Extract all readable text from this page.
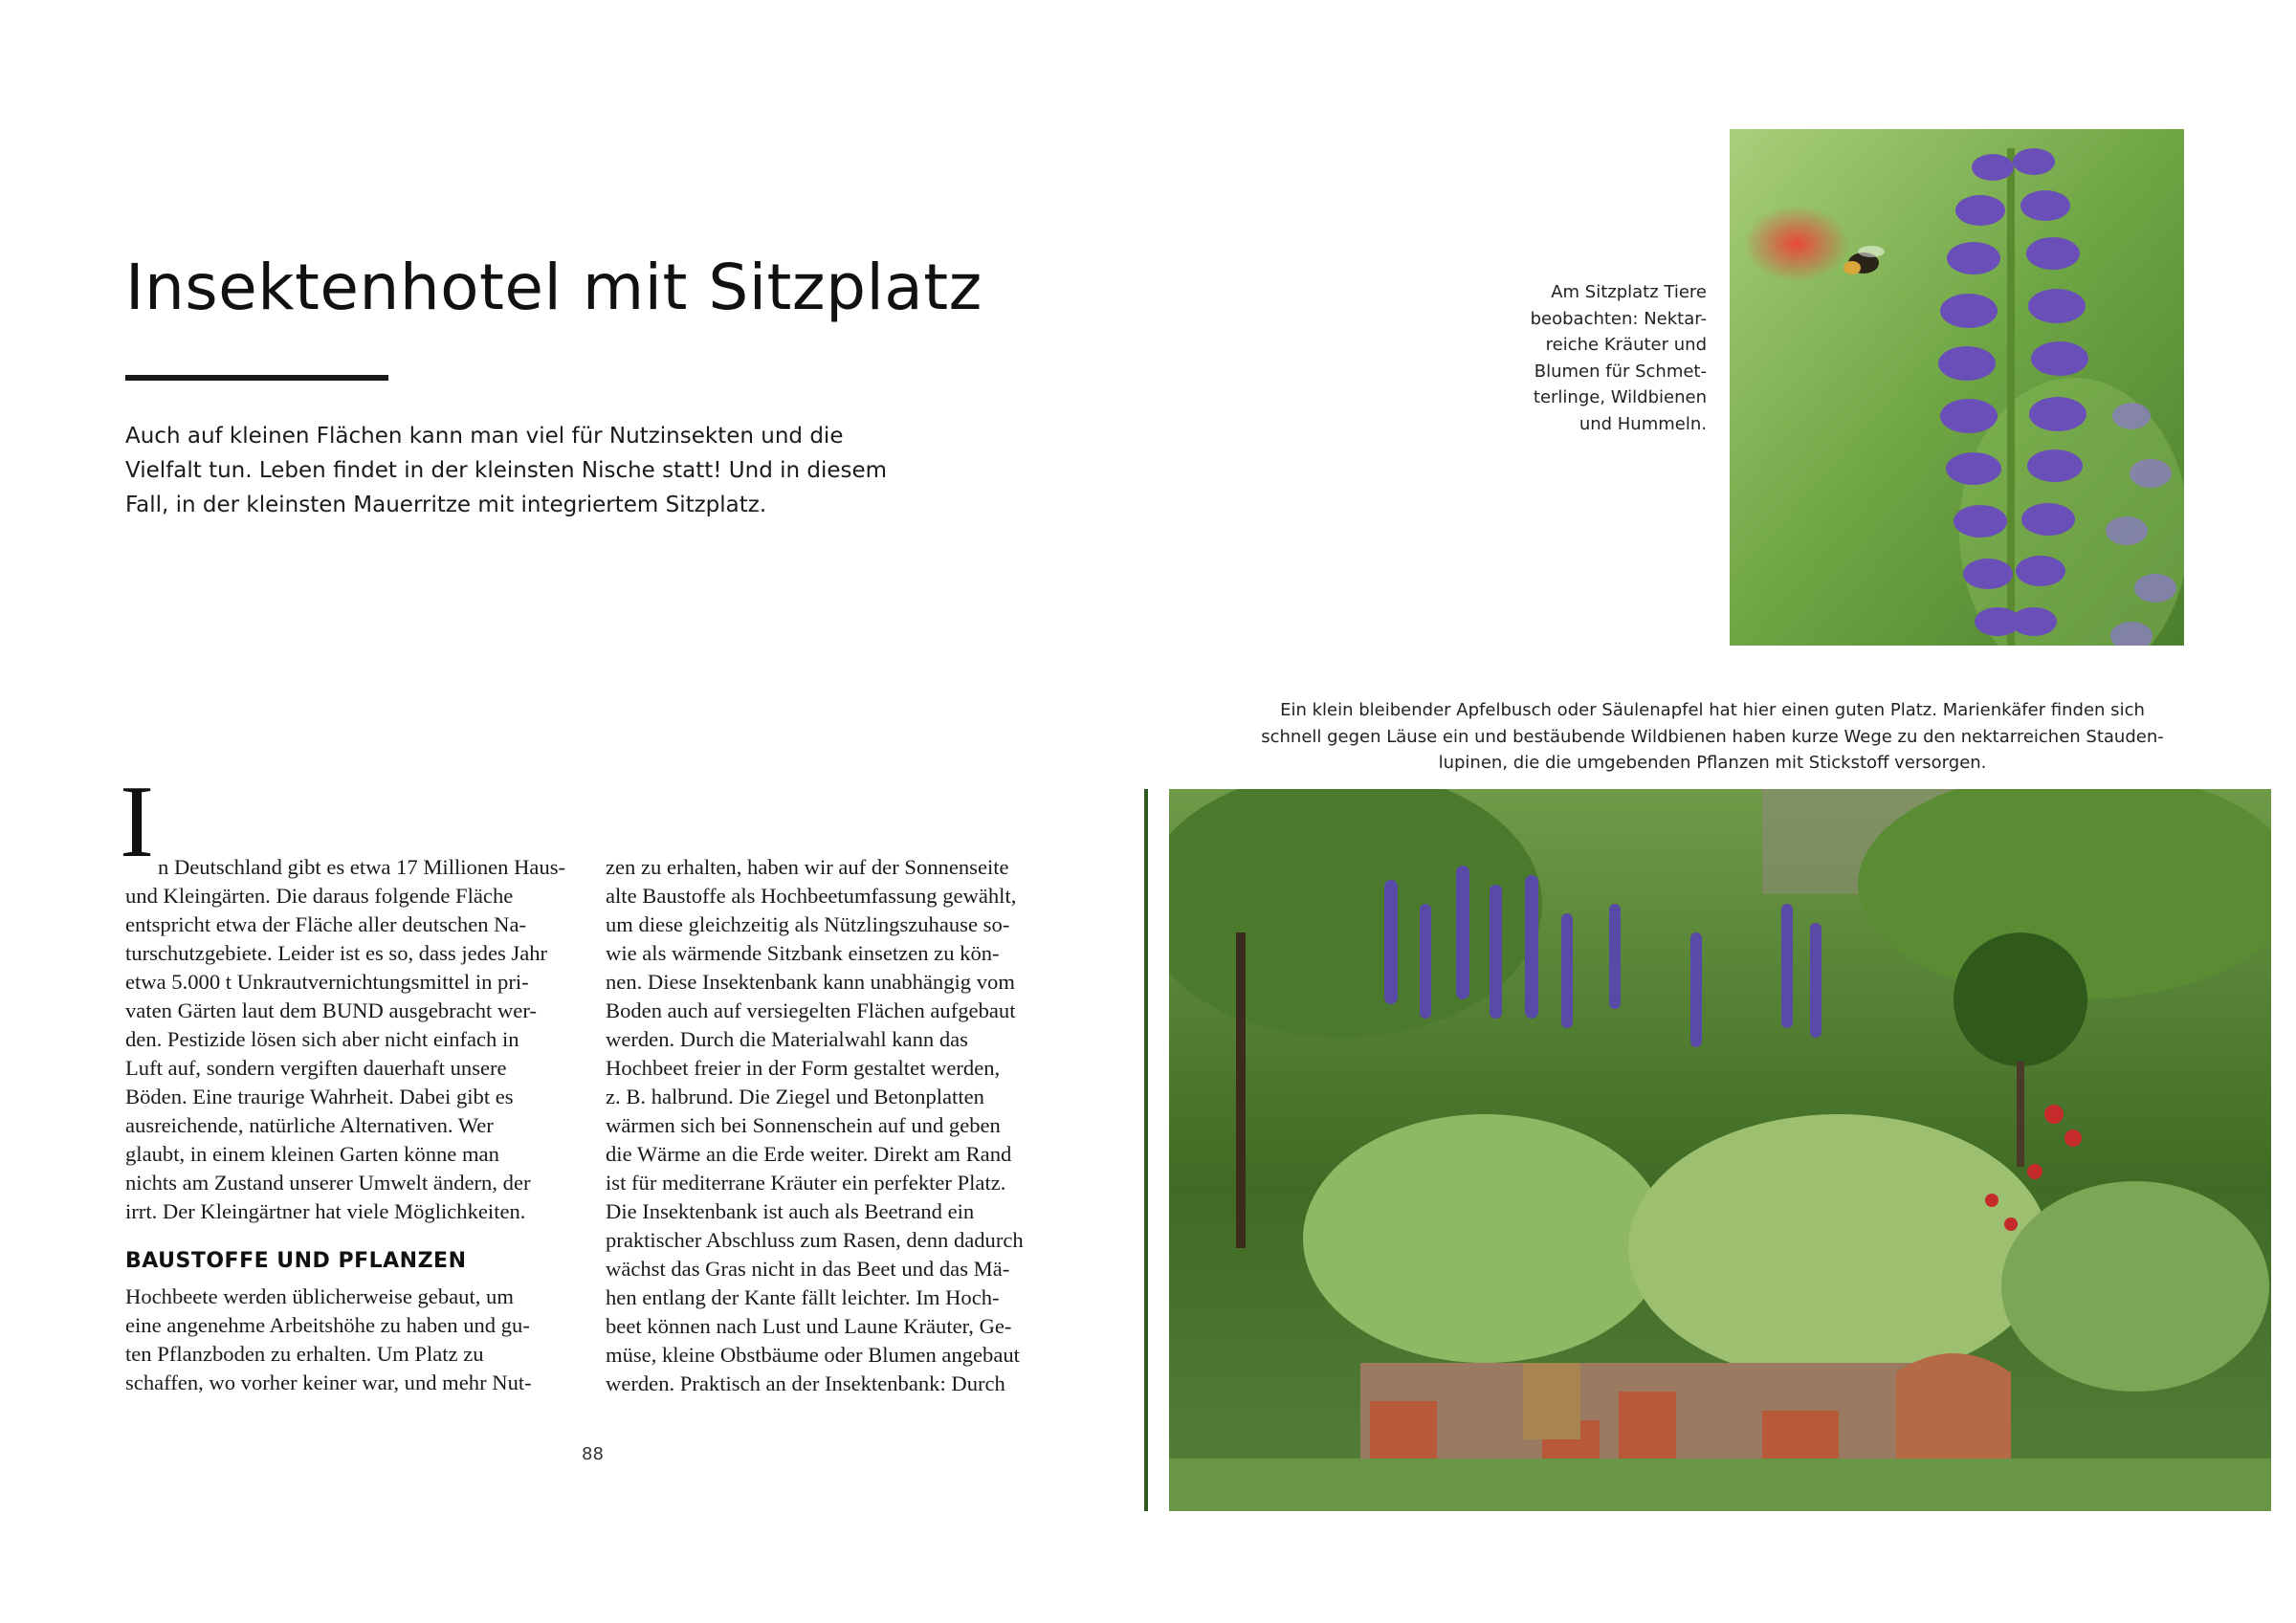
Insektenhotel mit Sitzplatz
Auch auf kleinen Flächen kann man viel für Nutzinsekten und die
Vielfalt tun. Leben findet in der kleinsten Nische statt! Und in diesem
Fall, in der kleinsten Mauerritze mit integriertem Sitzplatz.
Am Sitzplatz Tiere
beobachten: Nektar-
reiche Kräuter und
Blumen für Schmet-
terlinge, Wildbienen
und Hummeln.
Ein klein bleibender Apfelbusch oder Säulenapfel hat hier einen guten Platz. Marienkäfer finden sich
schnell gegen Läuse ein und bestäubende Wildbienen haben kurze Wege zu den nektarreichen Stauden-
lupinen, die die umgebenden Pflanzen mit Stickstoff versorgen.
I n Deutschland gibt es etwa 17 Millionen Haus-
und Kleingärten. Die daraus folgende Fläche
entspricht etwa der Fläche aller deutschen Na-
turschutzgebiete. Leider ist es so, dass jedes Jahr
etwa 5.000 t Unkrautvernichtungsmittel in pri-
vaten Gärten laut dem BUND ausgebracht wer-
den. Pestizide lösen sich aber nicht einfach in
Luft auf, sondern vergiften dauerhaft unsere
Böden. Eine traurige Wahrheit. Dabei gibt es
ausreichende, natürliche Alternativen. Wer
glaubt, in einem kleinen Garten könne man
nichts am Zustand unserer Umwelt ändern, der
irrt. Der Kleingärtner hat viele Möglichkeiten.
BAUSTOFFE UND PFLANZEN
Hochbeete werden üblicherweise gebaut, um
eine angenehme Arbeitshöhe zu haben und gu-
ten Pflanzboden zu erhalten. Um Platz zu
schaffen, wo vorher keiner war, und mehr Nut-
zen zu erhalten, haben wir auf der Sonnenseite
alte Baustoffe als Hochbeetumfassung gewählt,
um diese gleichzeitig als Nützlingszuhause so-
wie als wärmende Sitzbank einsetzen zu kön-
nen. Diese Insektenbank kann unabhängig vom
Boden auch auf versiegelten Flächen aufgebaut
werden. Durch die Materialwahl kann das
Hochbeet freier in der Form gestaltet werden,
z. B. halbrund. Die Ziegel und Betonplatten
wärmen sich bei Sonnenschein auf und geben
die Wärme an die Erde weiter. Direkt am Rand
ist für mediterrane Kräuter ein perfekter Platz.
Die Insektenbank ist auch als Beetrand ein
praktischer Abschluss zum Rasen, denn dadurch
wächst das Gras nicht in das Beet und das Mä-
hen entlang der Kante fällt leichter. Im Hoch-
beet können nach Lust und Laune Kräuter, Ge-
müse, kleine Obstbäume oder Blumen angebaut
werden. Praktisch an der Insektenbank: Durch
88
